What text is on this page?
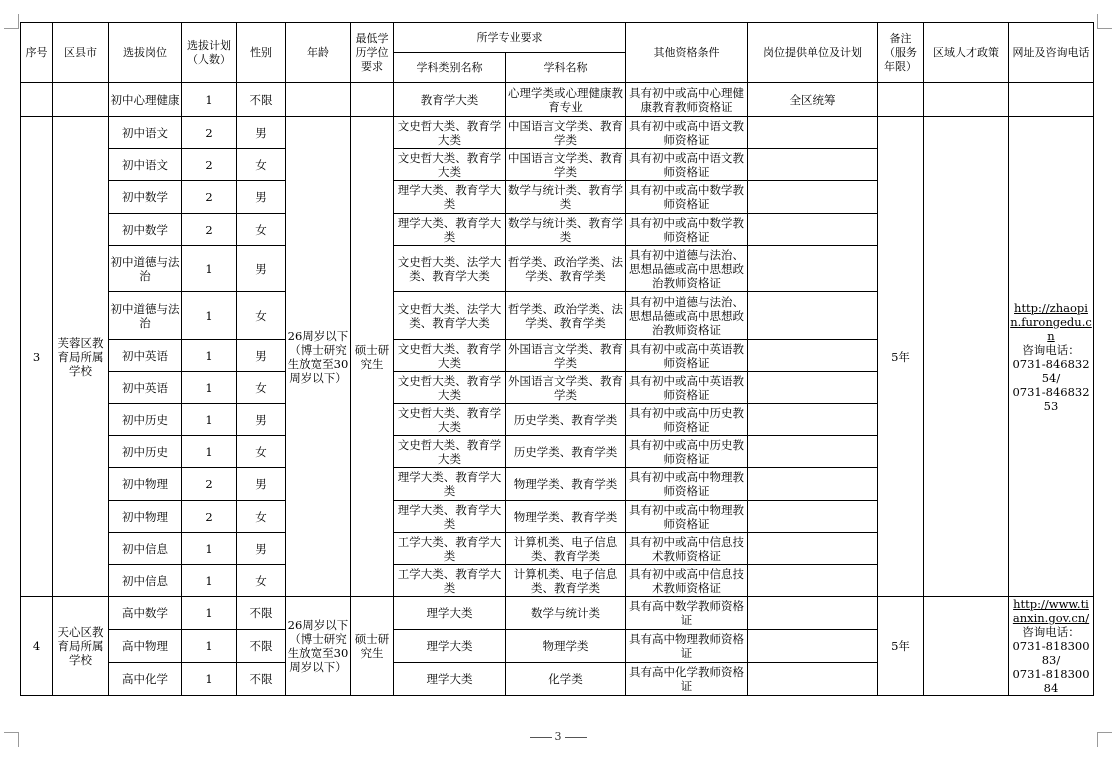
序号	区县市	选拔岗位	选拔计划（人数）	性别	年龄	最低学历学位要求	所学专业要求		其他资格条件	岗位提供单位及计划	备注（服务年限）	区域人才政策	网址及咨询电话
							学科类别名称	学科名称					
		初中心理健康	1	不限			教育学大类	心理学类或心理健康教育专业	具有初中或高中心理健康教育教师资格证	全区统筹			
3	芙蓉区教育局所属学校	初中语文	2	男	26周岁以下（博士研究生放宽至30周岁以下）	硕士研究生	文史哲大类、教育学大类	中国语言文学类、教育学类	具有初中或高中语文教师资格证		5年		http://zhaopin.furongedu.cn
咨询电话：
0731-84683254/
0731-84683253

		初中语文	2	女			文史哲大类、教育学大类	中国语言文学类、教育学类	具有初中或高中语文教师资格证				
		初中数学	2	男			理学大类、教育学大类	数学与统计类、教育学类	具有初中或高中数学教师资格证				
		初中数学	2	女			理学大类、教育学大类	数学与统计类、教育学类	具有初中或高中数学教师资格证				
		初中道德与法治	1	男			文史哲大类、法学大类、教育学大类	哲学类、政治学类、法学类、教育学类	具有初中道德与法治、思想品德或高中思想政治教师资格证				
		初中道德与法治	1	女			文史哲大类、法学大类、教育学大类	哲学类、政治学类、法学类、教育学类	具有初中道德与法治、思想品德或高中思想政治教师资格证				
		初中英语	1	男			文史哲大类、教育学大类	外国语言文学类、教育学类	具有初中或高中英语教师资格证				
		初中英语	1	女			文史哲大类、教育学大类	外国语言文学类、教育学类	具有初中或高中英语教师资格证				
		初中历史	1	男			文史哲大类、教育学大类	历史学类、教育学类	具有初中或高中历史教师资格证				
		初中历史	1	女			文史哲大类、教育学大类	历史学类、教育学类	具有初中或高中历史教师资格证				
		初中物理	2	男			理学大类、教育学大类	物理学类、教育学类	具有初中或高中物理教师资格证				
		初中物理	2	女			理学大类、教育学大类	物理学类、教育学类	具有初中或高中物理教师资格证				
		初中信息	1	男			工学大类、教育学大类	计算机类、电子信息类、教育学类	具有初中或高中信息技术教师资格证				
		初中信息	1	女			工学大类、教育学大类	计算机类、电子信息类、教育学类	具有初中或高中信息技术教师资格证				
4	天心区教育局所属学校	高中数学	1	不限	26周岁以下（博士研究生放宽至30周岁以下）	硕士研究生	理学大类	数学与统计类	具有高中数学教师资格证		5年		http://www.tianxin.gov.cn/
咨询电话：
0731-81830083/
0731-81830084

		高中物理	1	不限			理学大类	物理学类	具有高中物理教师资格证				
		高中化学	1	不限			理学大类	化学类	具有高中化学教师资格证				
3
